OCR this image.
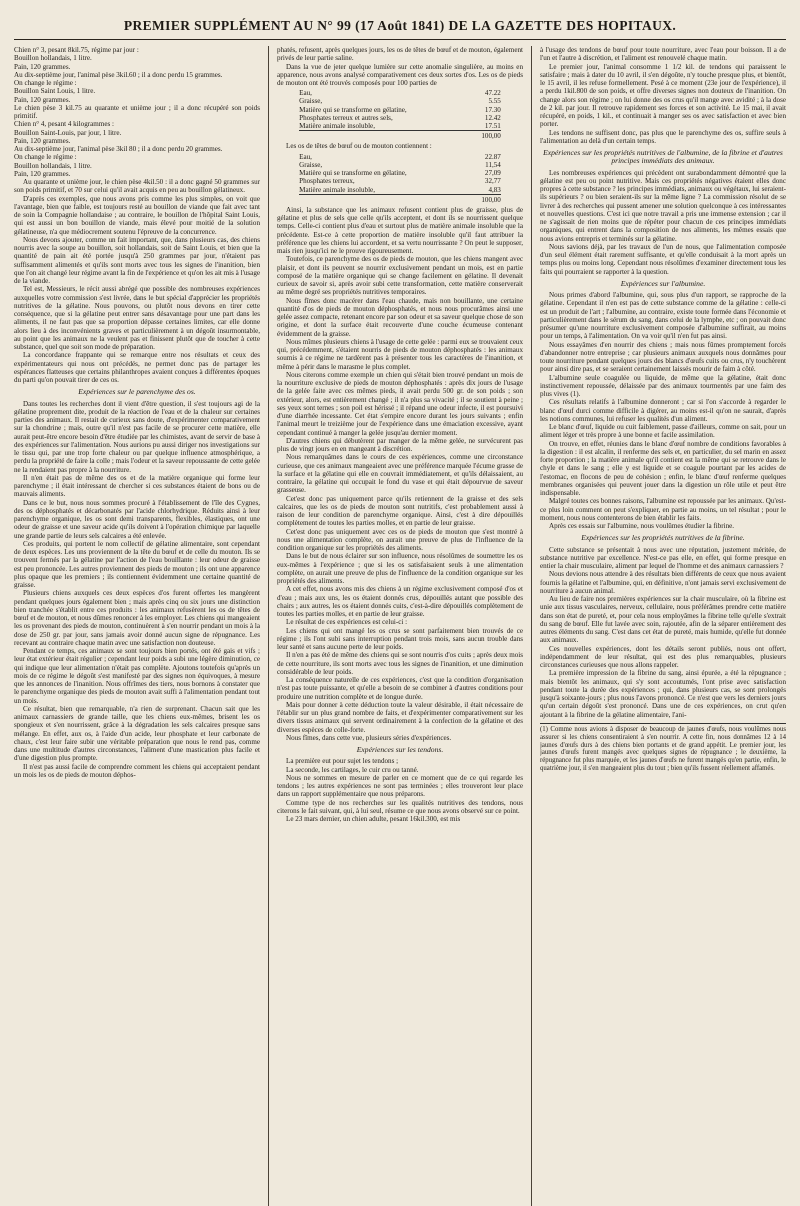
PREMIER SUPPLÉMENT AU N° 99 (17 Août 1841) DE LA GAZETTE DES HOPITAUX.

Chien n° 3, pesant 8kil.75, régime par jour :

Bouillon hollandais, 1 litre.

Pain, 120 grammes.

Au dix-septième jour, l'animal pèse 3kil.60 ; il a donc perdu 15 grammes.

On change le régime :

Bouillon Saint Louis, 1 litre.

Pain, 120 grammes.

Le chien pèse 3 kil.75 au quarante et unième jour ; il a donc récupéré son poids primitif.

Chien n° 4, pesant 4 kilogrammes :

Bouillon Saint-Louis, par jour, 1 litre.

Pain, 120 grammes.

Au dix-septième jour, l'animal pèse 3kil 80 ; il a donc perdu 20 grammes.

On change le régime :

Bouillon hollandais, 1 litre.

Pain, 120 grammes.

Au quarante et unième jour, le chien pèse 4kil.50 : il a donc gagné 50 grammes sur son poids primitif, et 70 sur celui qu'il avait acquis en peu au bouillon gélatineux.

D'après ces exemples, que nous avons pris comme les plus simples, on voit que l'avantage, bien que faible, est toujours resté au bouillon de viande que fait avec tant de soin la Compagnie hollandaise ; au contraire, le bouillon de l'hôpital Saint Louis, qui est aussi un bon bouillon de viande, mais élevé pour moitié de la solution gélatineuse, n'a que médiocrement soutenu l'épreuve de la concurrence.

Nous devons ajouter, comme un fait important, que, dans plusieurs cas, des chiens nourris avec la soupe au bouillon, soit hollandais, soit de Saint Louis, et bien que la quantité de pain ait été portée jusqu'à 250 grammes par jour, n'étaient pas suffisamment alimentés et qu'ils sont morts avec tous les signes de l'inanition, bien que l'on ait changé leur régime avant la fin de l'expérience et qu'on les ait mis à l'usage de la viande.

Tel est, Messieurs, le récit aussi abrégé que possible des nombreuses expériences auxquelles votre commission s'est livrée, dans le but spécial d'apprécier les propriétés nutritives de la gélatine. Nous pouvons, ou plutôt nous devons en tirer cette conséquence, que si la gélatine peut entrer sans désavantage pour une part dans les aliments, il ne faut pas que sa proportion dépasse certaines limites, car elle donne alors lieu à des inconvénients graves et particulièrement à un dégoût insurmontable, au point que les animaux ne la veulent pas et finissent plutôt que de toucher à cette substance, quel que soit son mode de préparation.

La concordance frappante qui se remarque entre nos résultats et ceux des expérimentateurs qui nous ont précédés, ne permet donc pas de partager les espérances flatteuses que certains philanthropes avaient conçues à différentes époques du parti qu'on pouvait tirer de ces os.

Expériences sur le parenchyme des os.

Dans toutes les recherches dont il vient d'être question, il s'est toujours agi de la gélatine proprement dite, produit de la réaction de l'eau et de la chaleur sur certaines parties des animaux. Il restait de curieux sans doute, d'expérimenter comparativement sur la chondrine ; mais, outre qu'il n'est pas facile de se procurer cette matière, elle aurait peut-être encore besoin d'être étudiée par les chimistes, avant de servir de base à des expériences sur l'alimentation. Nous aurions pu aussi diriger nos investigations sur le tissu qui, par une trop forte chaleur ou par quelque influence atmosphérique, a perdu la propriété de faire la colle ; mais l'odeur et la saveur repoussante de cette gelée ne la rendaient pas propre à la nourriture.

Il n'en était pas de même des os et de la matière organique qui forme leur parenchyme ; il était intéressant de chercher si ces substances étaient de bons ou de mauvais aliments.

Dans ce le but, nous nous sommes procuré à l'établissement de l'île des Cygnes, des os déphosphatés et décarbonatés par l'acide chlorhydrique. Réduits ainsi à leur parenchyme organique, les os sont demi transparents, flexibles, élastiques, ont une odeur de graisse et une saveur acide qu'ils doivent à l'opération chimique par laquelle une grande partie de leurs sels calcaires a été enlevée.

Ces produits, qui portent le nom collectif de gélatine alimentaire, sont cependant de deux espèces. Les uns proviennent de la tête du bœuf et de celle du mouton. Ils se trouvent fermés par la gélatine par l'action de l'eau bouillante : leur odeur de graisse est peu prononcée. Les autres proviennent des pieds de mouton ; ils ont une apparence plus opaque que les premiers ; ils contiennent évidemment une certaine quantité de graisse.

Plusieurs chiens auxquels ces deux espèces d'os furent offertes les mangèrent pendant quelques jours également bien ; mais après cinq ou six jours une distinction bien tranchée s'établit entre ces produits : les animaux refusèrent les os de têtes de bœuf et de mouton, et nous dûmes renoncer à les employer. Les chiens qui mangeaient les os provenant des pieds de mouton, continuèrent à s'en nourrir pendant un mois à la dose de 250 gr. par jour, sans jamais avoir donné aucun signe de répugnance. Les recevant au contraire chaque matin avec une satisfaction non douteuse.

Pendant ce temps, ces animaux se sont toujours bien portés, ont été gais et vifs ; leur état extérieur était régulier ; cependant leur poids a subi une légère diminution, ce qui indique que leur alimentation n'était pas complète. Ajoutons toutefois qu'après un mois de ce régime le dégoût s'est manifesté par des signes non équivoques, à mesure que les annonces de l'inanition. Nous offrîmes des tiers, nous bornons à constater que le parenchyme organique des pieds de mouton avait suffi à l'alimentation pendant tout un mois.

Ce résultat, bien que remarquable, n'a rien de surprenant. Chacun sait que les animaux carnassiers de grande taille, que les chiens eux-mêmes, brisent les os spongieux et s'en nourrissent, grâce à la dégradation les sels calcaires presque sans mélange. En effet, aux os, à l'aide d'un acide, leur phosphate et leur carbonate de chaux, c'est leur faire subir une véritable préparation que nous le rend pas, comme dans une multitude d'autres circonstances, l'aliment d'une mastication plus facile et d'une digestion plus prompte.

Il n'est pas aussi facile de comprendre comment les chiens qui acceptaient pendant un mois les os de pieds de mouton déphos-

phatés, refusent, après quelques jours, les os de têtes de bœuf et de mouton, également privés de leur partie saline.

Dans la vue de jeter quelque lumière sur cette anomalie singulière, au moins en apparence, nous avons analysé comparativement ces deux sortes d'os. Les os de pieds de mouton ont été trouvés composés pour 100 parties de

Eau,	47.22
Graisse,	5.55
Matière qui se transforme en gélatine,	17.30
Phosphates terreux et autres sels,	12.42
Matière animale insoluble,	17.51
	100,00

Les os de têtes de bœuf ou de mouton contiennent :

Eau,	22.87
Graisse,	11,54
Matière qui se transforme en gélatine,	27,09
Phosphates terreux,	32,77
Matière animale insoluble,	4,83
	100,00

Ainsi, la substance que les animaux refusent contient plus de graisse, plus de gélatine et plus de sels que celle qu'ils acceptent, et dont ils se nourrissent quelque temps. Celle-ci contient plus d'eau et surtout plus de matière animale insoluble que la précédente. Est-ce à cette proportion de matière insoluble qu'il faut attribuer la préférence que les chiens lui accordent, et sa vertu nourrissante ? On peut le supposer, mais rien jusqu'ici ne le prouve rigoureusement.

Toutefois, ce parenchyme des os de pieds de mouton, que les chiens mangent avec plaisir, et dont ils peuvent se nourrir exclusivement pendant un mois, est en partie composé de la matière organique qui se change facilement en gélatine. Il devenait curieux de savoir si, après avoir subi cette transformation, cette matière conserverait au même degré ses propriétés nutritives temporaires.

Nous fîmes donc macérer dans l'eau chaude, mais non bouillante, une certaine quantité d'os de pieds de mouton déphosphatés, et nous nous procurâmes ainsi une gelée assez compacte, retenant encore par son odeur et sa saveur quelque chose de son origine, et dont la surface était recouverte d'une couche écumeuse contenant évidemment de la graisse.

Nous mîmes plusieurs chiens à l'usage de cette gelée : parmi eux se trouvaient ceux qui, précédemment, s'étaient nourris de pieds de mouton déphosphatés : les animaux soumis à ce régime ne tardèrent pas à présenter tous les caractères de l'inanition, et même à périr dans le marasme le plus complet.

Nous citerons comme exemple un chien qui s'était bien trouvé pendant un mois de la nourriture exclusive de pieds de mouton déphosphatés : après dix jours de l'usage de la gelée faite avec ces mêmes pieds, il avait perdu 500 gr. de son poids ; son extérieur, alors, est entièrement changé ; il n'a plus sa vivacité ; il se soutient à peine ; ses yeux sont ternes ; son poil est hérissé ; il répand une odeur infecte, il est poursuivi d'une diarrhée incessante. Cet état s'empire encore durant les jours suivants ; enfin l'animal meurt le treizième jour de l'expérience dans une émaciation excessive, ayant cependant continué à manger la gelée jusqu'au dernier moment.

D'autres chiens qui débutèrent par manger de la même gelée, ne survécurent pas plus de vingt jours en en mangeant à discrétion.

Nous remarquâmes dans le cours de ces expériences, comme une circonstance curieuse, que ces animaux mangeaient avec une préférence marquée l'écume grasse de la surface et la gélatine qui elle en couvrait immédiatement, et qu'ils délaissaient, au contraire, la gélatine qui occupait le fond du vase et qui était dépourvue de saveur grasseuse.

Cet'est donc pas uniquement parce qu'ils retiennent de la graisse et des sels calcaires, que les os de pieds de mouton sont nutritifs, c'est probablement aussi à raison de leur condition de parenchyme organique. Ainsi, c'est à dire dépouillés complètement de toutes les parties molles, et en partie de leur graisse.

Cet'est donc pas uniquement avec ces os de pieds de mouton que s'est montré à nous une alimentation complète, on aurait une preuve de plus de l'influence de la condition organique sur les propriétés des aliments.

Dans le but de nous éclairer sur son influence, nous résolûmes de soumettre les os eux-mêmes à l'expérience ; que si les os satisfaisaient seuls à une alimentation complète, on aurait une preuve de plus de l'influence de la condition organique sur les propriétés des aliments.

A cet effet, nous avons mis des chiens à un régime exclusivement composé d'os et d'eau ; mais aux uns, les os étaient donnés crus, dépouillés autant que possible des chairs ; aux autres, les os étaient donnés cuits, c'est-à-dire dépouillés complètement de toutes les parties molles, et en partie de leur graisse.

Le résultat de ces expériences est celui-ci :

Les chiens qui ont mangé les os crus se sont parfaitement bien trouvés de ce régime ; ils l'ont subi sans interruption pendant trois mois, sans aucun trouble dans leur santé et sans aucune perte de leur poids.

Il n'en a pas été de même des chiens qui se sont nourris d'os cuits ; après deux mois de cette nourriture, ils sont morts avec tous les signes de l'inanition, et une diminution considérable de leur poids.

La conséquence naturelle de ces expériences, c'est que la condition d'organisation n'est pas toute puissante, et qu'elle a besoin de se combiner à d'autres conditions pour produire une nutrition complète et de longue durée.

Mais pour donner à cette déduction toute la valeur désirable, il était nécessaire de l'établir sur un plus grand nombre de faits, et d'expérimenter comparativement sur les divers tissus animaux qui servent ordinairement à la confection de la gélatine et des diverses espèces de colle-forte.

Nous fîmes, dans cette vue, plusieurs séries d'expériences.

Expériences sur les tendons.

La première eut pour sujet les tendons ;

La seconde, les cartilages, le cuir cru ou tanné.

Nous ne sommes en mesure de parler en ce moment que de ce qui regarde les tendons ; les autres expériences ne sont pas terminées ; elles trouveront leur place dans un rapport supplémentaire que nous préparons.

Comme type de nos recherches sur les qualités nutritives des tendons, nous citerons le fait suivant, qui, à lui seul, résume ce que nous avons observé sur ce point.

Le 23 mars dernier, un chien adulte, pesant 16kil.300, est mis

à l'usage des tendons de bœuf pour toute nourriture, avec l'eau pour boisson. Il a de l'un et l'autre à discrétion, et l'aliment est renouvelé chaque matin.

Le premier jour, l'animal consomme 1 1/2 kil. de tendons qui paraissent le satisfaire ; mais à dater du 10 avril, il s'en dégoûte, n'y touche presque plus, et bientôt, le 15 avril, il les refuse formellement. Pesé à ce moment (23e jour de l'expérience), il a perdu 1kil.800 de son poids, et offre diverses signes non douteux de l'inanition. On change alors son régime ; on lui donne des os crus qu'il mange avec avidité ; à la dose de 2 kil. par jour. Il retrouve rapidement ses forces et son activité. Le 15 mai, il avait récupéré, en poids, 1 kil., et continuait à manger ses os avec satisfaction et avec bien porter.

Les tendons ne suffisent donc, pas plus que le parenchyme des os, suffire seuls à l'alimentation au delà d'un certain temps.

Expériences sur les propriétés nutritives de l'albumine, de la fibrine et d'autres principes immédiats des animaux.

Les nombreuses expériences qui précèdent ont surabondamment démontré que la gélatine est peu ou point nutritive. Mais ces propriétés négatives étaient elles donc propres à cette substance ? les principes immédiats, animaux ou végétaux, lui seraient-ils supérieurs ? ou bien seraient-ils sur la même ligne ? La commission résolut de se livrer à des recherches qui pussent amener une solution quelconque à ces intéressantes et nouvelles questions. C'est ici que notre travail a pris une immense extension ; car il ne s'agissait de rien moins que de répéter pour chacun de ces principes immédiats organiques, qui entrent dans la composition de nos aliments, les mêmes essais que nous avions entrepris et terminés sur la gélatine.

Nous savions déjà, par les travaux de l'un de nous, que l'alimentation composée d'un seul élément était rarement suffisante, et qu'elle conduisait à la mort après un temps plus ou moins long. Cependant nous résolûmes d'examiner directement tous les faits qui pourraient se rapporter à la question.

Expériences sur l'albumine.

Nous primes d'abord l'albumine, qui, sous plus d'un rapport, se rapproche de la gélatine. Cependant il n'en est pas de cette substance comme de la gélatine : celle-ci est un produit de l'art ; l'albumine, au contraire, existe toute formée dans l'économie et particulièrement dans le sérum du sang, dans celui de la lymphe, etc ; on pouvait donc présumer qu'une nourriture exclusivement composée d'albumine suffirait, au moins pour un temps, à l'alimentation. On va voir qu'il n'en fut pas ainsi.

Nous essayâmes d'en nourrir des chiens ; mais nous fûmes promptement forcés d'abandonner notre entreprise ; car plusieurs animaux auxquels nous donnâmes pour toute nourriture pendant quelques jours des blancs d'œufs cuits ou crus, n'y touchèrent pour ainsi dire pas, et se seraient certainement laissés mourir de faim à côté.

L'albumine seule coagulée ou liquide, de même que la gélatine, était donc instinctivement repoussée, délaissée par des animaux tourmentés par une faim des plus vives (1).

Ces résultats relatifs à l'albumine donneront ; car si l'on s'accorde à regarder le blanc d'œuf durci comme difficile à digérer, au moins est-il qu'on ne saurait, d'après les notions communes, lui refuser les qualités d'un aliment.

Le blanc d'œuf, liquide ou cuit faiblement, passe d'ailleurs, comme on sait, pour un aliment léger et très propre à une bonne et facile assimilation.

On trouve, en effet, réunies dans le blanc d'œuf nombre de conditions favorables à la digestion : il est alcalin, il renferme des sels et, en particulier, du sel marin en assez forte proportion ; la matière animale qu'il contient est la même qui se retrouve dans le chyle et dans le sang ; elle y est liquide et se coagule pourtant par les acides de l'estomac, en flocons de peu de cohésion ; enfin, le blanc d'œuf renferme quelques membranes organisées qui peuvent jouer dans la digestion un rôle utile et peut être indispensable.

Malgré toutes ces bonnes raisons, l'albumine est repoussée par les animaux. Qu'est-ce plus loin comment on peut s'expliquer, en partie au moins, un tel résultat ; pour le moment, nous nous contenterons de bien établir les faits.

Après ces essais sur l'albumine, nous voulûmes étudier la fibrine.

Expériences sur les propriétés nutritives de la fibrine.

Cette substance se présentait à nous avec une réputation, justement méritée, de substance nutritive par excellence. N'est-ce pas elle, en effet, qui forme presque en entier la chair musculaire, aliment par lequel de l'homme et des animaux carnassiers ?

Nous devions nous attendre à des résultats bien différents de ceux que nous avaient fournis la gélatine et l'albumine, qui, en définitive, n'ont jamais servi exclusivement de nourriture à aucun animal.

Au lieu de faire nos premières expériences sur la chair musculaire, où la fibrine est unie aux tissus vasculaires, nerveux, cellulaire, nous préférâmes prendre cette matière dans son état de pureté, et, pour cela nous employâmes la fibrine telle qu'elle s'extrait du sang de bœuf. Elle fut lavée avec soin, rajoutée, afin de la séparer entièrement des autres éléments du sang. C'est dans cet état de pureté, mais humide, qu'elle fut donnée aux animaux.

Ces nouvelles expériences, dont les détails seront publiés, nous ont offert, indépendamment de leur résultat, qui est des plus remarquables, plusieurs circonstances curieuses que nous allons rappeler.

La première impression de la fibrine du sang, ainsi épurée, a été la répugnance ; mais bientôt les animaux, qui s'y sont accoutumés, l'ont prise avec satisfaction pendant toute la durée des expériences ; qui, dans plusieurs cas, se sont prolongés jusqu'à soixante-jours ; plus nous l'avons prononcé. Ce n'est que vers les derniers jours qu'un certain dégoût s'est prononcé. Dans une de ces expériences, on crut qu'en ajoutant à la fibrine de la gélatine alimentaire, l'ani-

(1) Comme nous avions à disposer de beaucoup de jaunes d'œufs, nous voulûmes nous assurer si les chiens consentiraient à s'en nourrir. A cette fin, nous donnâmes 12 à 14 jaunes d'œufs durs à des chiens bien portants et de grand appétit. Le premier jour, les jaunes d'œufs furent mangés avec quelques signes de répugnance ; le deuxième, la répugnance fut plus marquée, et les jaunes d'œufs ne furent mangés qu'en partie, enfin, le quatrième jour, il s'en mangeaient plus du tout ; bien qu'ils fussent réellement affamés.
